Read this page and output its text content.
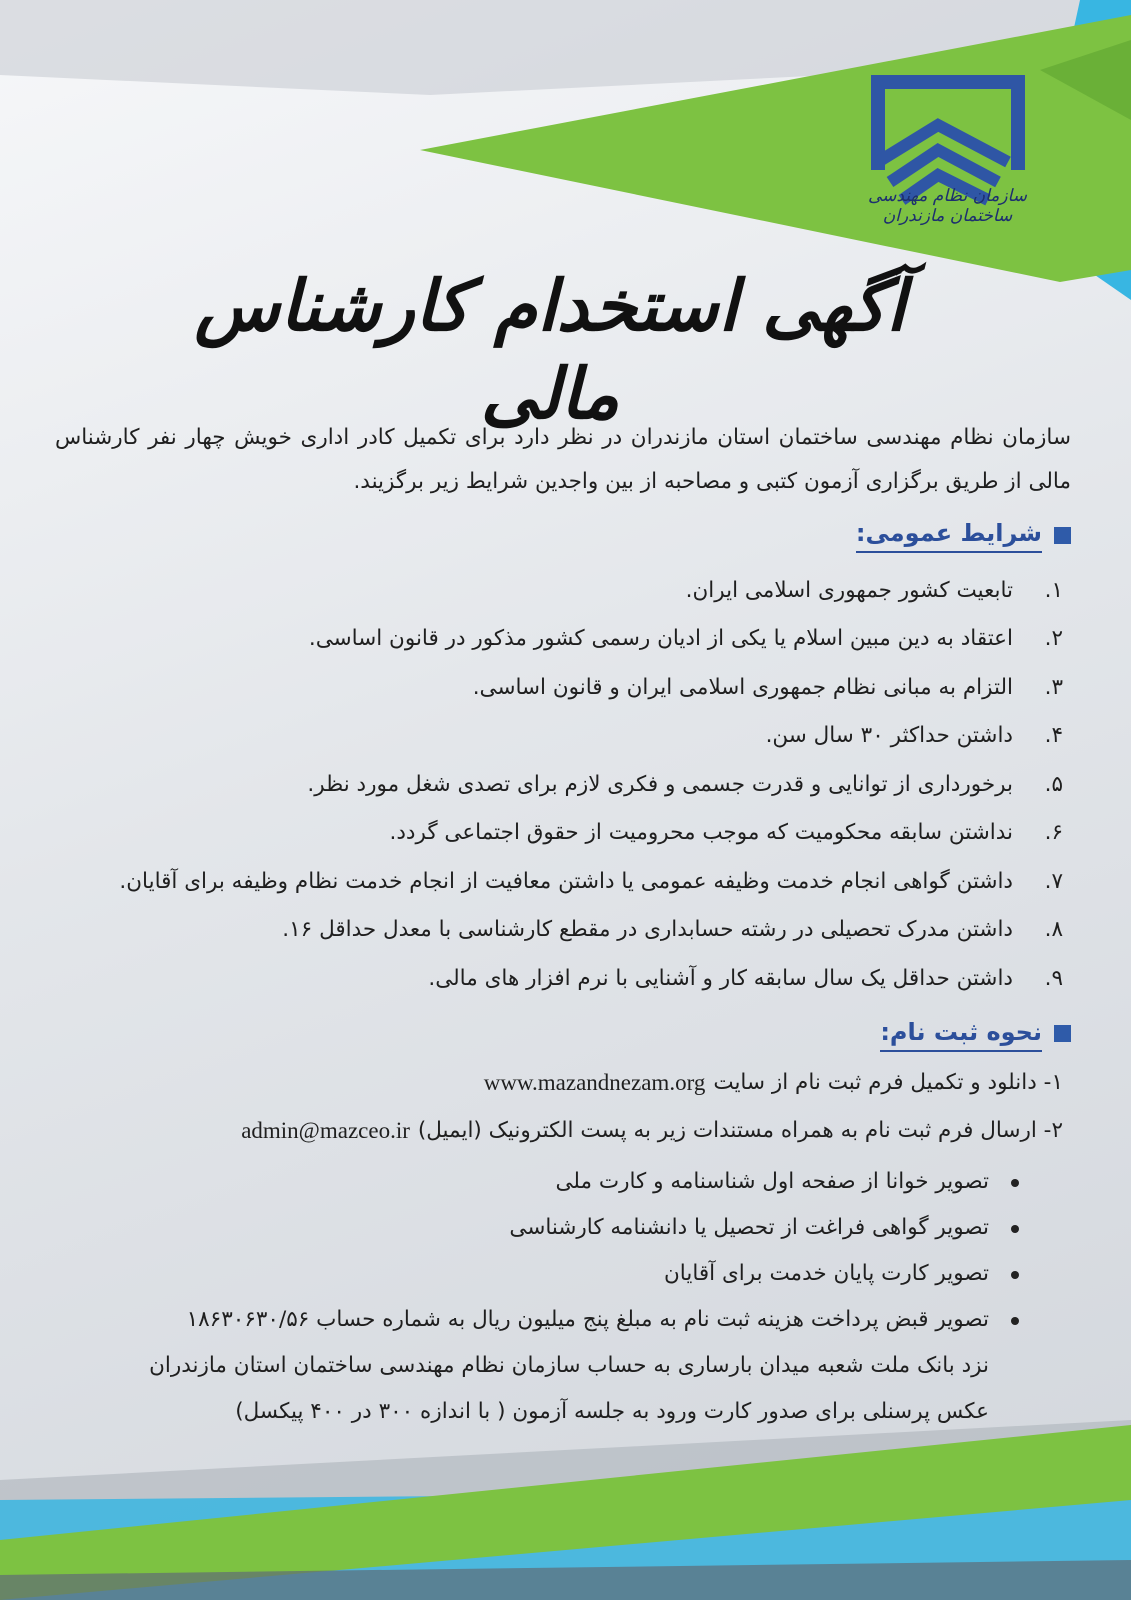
سازمان نظام مهندسی ساختمان مازندران
آگهی استخدام کارشناس مالی

سازمان نظام مهندسی ساختمان استان مازندران در نظر دارد برای تکمیل کادر اداری خویش چهار نفر کارشناس مالی از طریق برگزاری آزمون کتبی و مصاحبه از بین واجدین شرایط زیر برگزیند.

شرایط عمومی:
۱.
تابعیت کشور جمهوری اسلامی ایران.
۲.
اعتقاد به دین مبین اسلام یا یکی از ادیان رسمی کشور مذکور در قانون اساسی.
۳.
التزام به مبانی نظام جمهوری اسلامی ایران و قانون اساسی.
۴.
داشتن حداکثر ۳۰ سال سن.
۵.
برخورداری از توانایی و قدرت جسمی و فکری لازم برای تصدی شغل مورد نظر.
۶.
نداشتن سابقه محکومیت که موجب محرومیت از حقوق اجتماعی گردد.
۷.
داشتن گواهی انجام خدمت وظیفه عمومی یا داشتن معافیت از انجام خدمت نظام وظیفه برای آقایان.
۸.
داشتن مدرک تحصیلی در رشته حسابداری در مقطع کارشناسی با معدل حداقل ۱۶.
۹.
داشتن حداقل یک سال سابقه کار و آشنایی با نرم افزار های مالی.
نحوه ثبت نام:
۱- دانلود و تکمیل فرم ثبت نام از سایت
www.mazandnezam.org
۲- ارسال فرم ثبت نام به همراه مستندات زیر به پست الکترونیک (ایمیل)
admin@mazceo.ir
تصویر خوانا از صفحه اول شناسنامه و کارت ملی
تصویر گواهی فراغت از تحصیل یا دانشنامه کارشناسی
تصویر کارت پایان خدمت برای آقایان
تصویر قبض پرداخت هزینه ثبت نام به مبلغ پنج میلیون ریال به شماره حساب ۱۸۶۳۰۶۳۰/۵۶
نزد بانک ملت شعبه میدان بارساری به حساب سازمان نظام مهندسی ساختمان استان مازندران
عکس پرسنلی برای صدور کارت ورود به جلسه آزمون ( با اندازه ۳۰۰ در ۴۰۰ پیکسل)
